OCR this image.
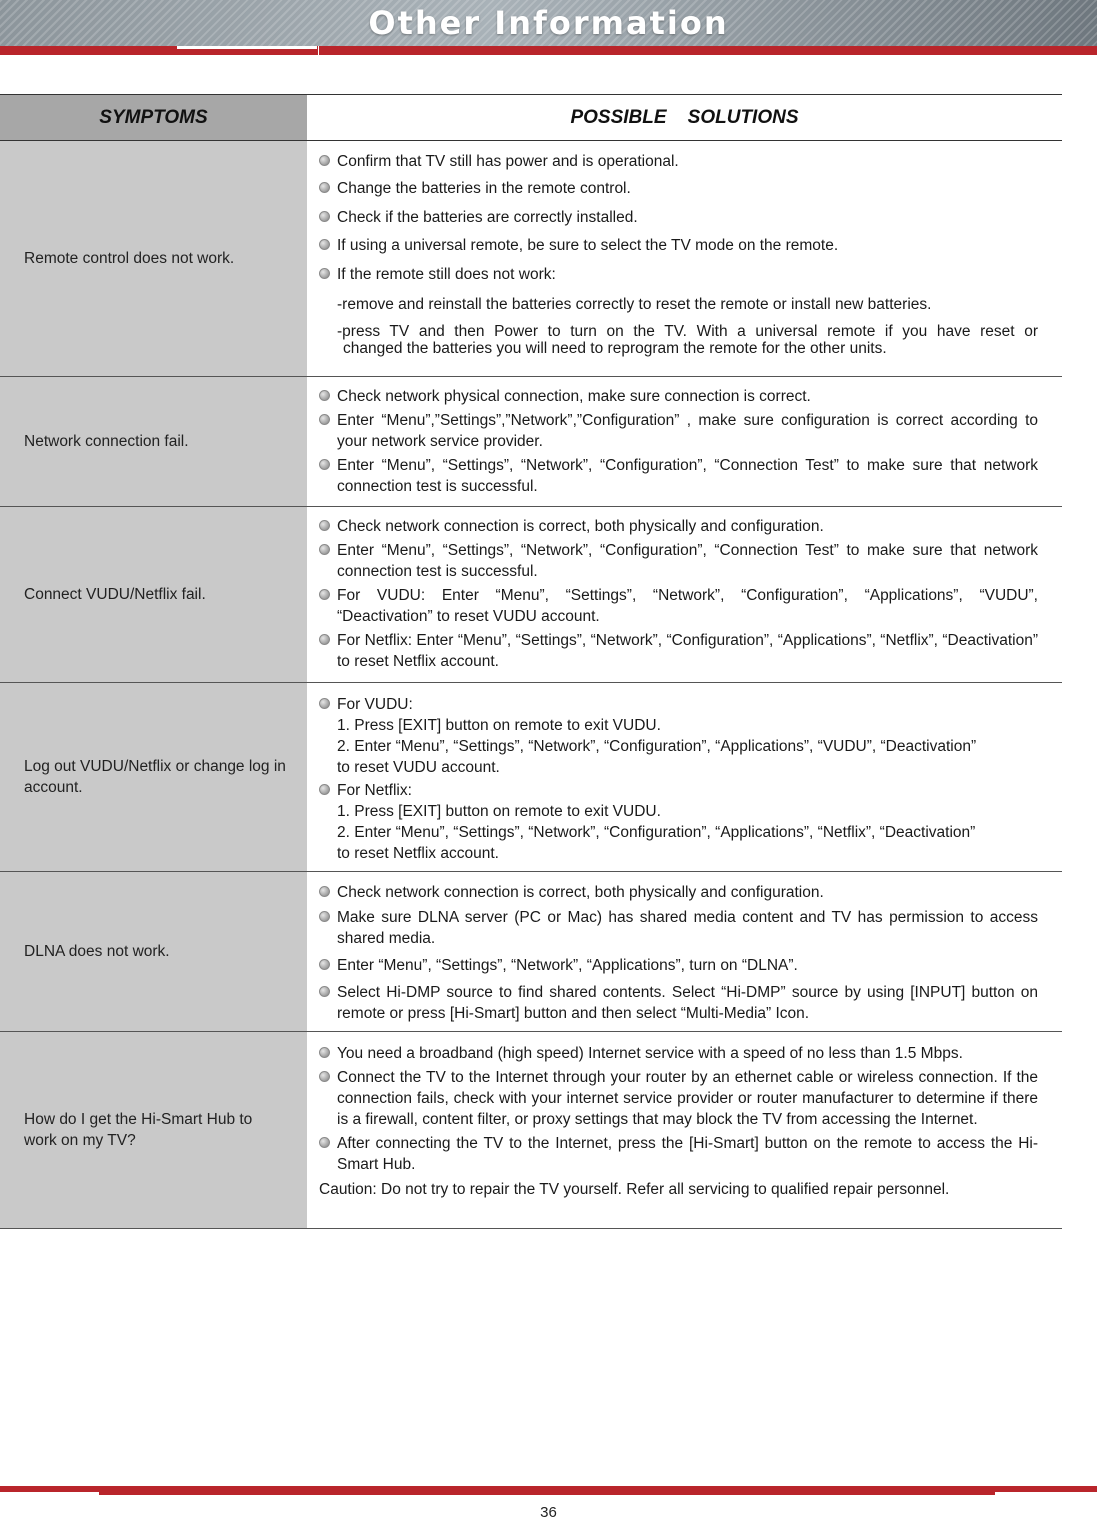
Other Information
SYMPTOMS	POSSIBLE    SOLUTIONS
Remote control does not work.
Confirm that TV still has power and is operational.
Change the batteries in the remote control.
Check if the batteries are correctly installed.
If using a universal remote, be sure to select the TV mode on the remote.
If the remote still does not work:
-remove and reinstall the batteries correctly to reset the remote or install new batteries.
-press TV and then Power to turn on the TV. With a universal remote if you have reset or
changed the batteries you will need to reprogram the remote for the other units.
Network connection fail.
Check network physical connection, make sure connection is correct.
Enter “Menu”,”Settings”,”Network”,”Configuration” , make sure configuration is correct according to your network service provider.
Enter “Menu”, “Settings”, “Network”, “Configuration”, “Connection Test” to make sure that network connection test is successful.
Connect VUDU/Netflix fail.
Check network connection is correct, both physically and configuration.
Enter “Menu”, “Settings”, “Network”, “Configuration”, “Connection Test” to make sure that network connection test is successful.
For VUDU: Enter “Menu”, “Settings”, “Network”, “Configuration”, “Applications”, “VUDU”, “Deactivation” to reset VUDU account.
For Netflix: Enter “Menu”, “Settings”, “Network”, “Configuration”, “Applications”, “Netflix”, “Deactivation” to reset Netflix account.
Log out VUDU/Netflix or change log in account.
For VUDU:
1. Press [EXIT] button on remote to exit VUDU.
2. Enter “Menu”, “Settings”, “Network”, “Configuration”, “Applications”, “VUDU”, “Deactivation”
to reset VUDU account.
For Netflix:
1. Press [EXIT] button on remote to exit VUDU.
2. Enter “Menu”, “Settings”, “Network”, “Configuration”, “Applications”, “Netflix”, “Deactivation”
to reset Netflix account.
DLNA does not work.
Check network connection is correct, both physically and configuration.
Make sure DLNA server (PC or Mac) has shared media content and TV has permission to access shared media.
Enter “Menu”, “Settings”, “Network”, “Applications”, turn on “DLNA”.
Select Hi-DMP source to find shared contents. Select “Hi-DMP” source by using [INPUT] button on remote or press [Hi-Smart] button and then select “Multi-Media” Icon.
How do I get the Hi-Smart Hub to work on my TV?
You need a broadband (high speed) Internet service with a speed of no less than 1.5 Mbps.
Connect the TV to the Internet through your router by an ethernet cable or wireless connection. If the connection fails, check with your internet service provider or router manufacturer to determine if there is a firewall, content filter, or proxy settings that may block the TV from accessing the Internet.
After connecting the TV to the Internet, press the [Hi-Smart] button on the remote to access the Hi-Smart Hub.
Caution: Do not try to repair the TV yourself. Refer all servicing to qualified repair personnel.
36
